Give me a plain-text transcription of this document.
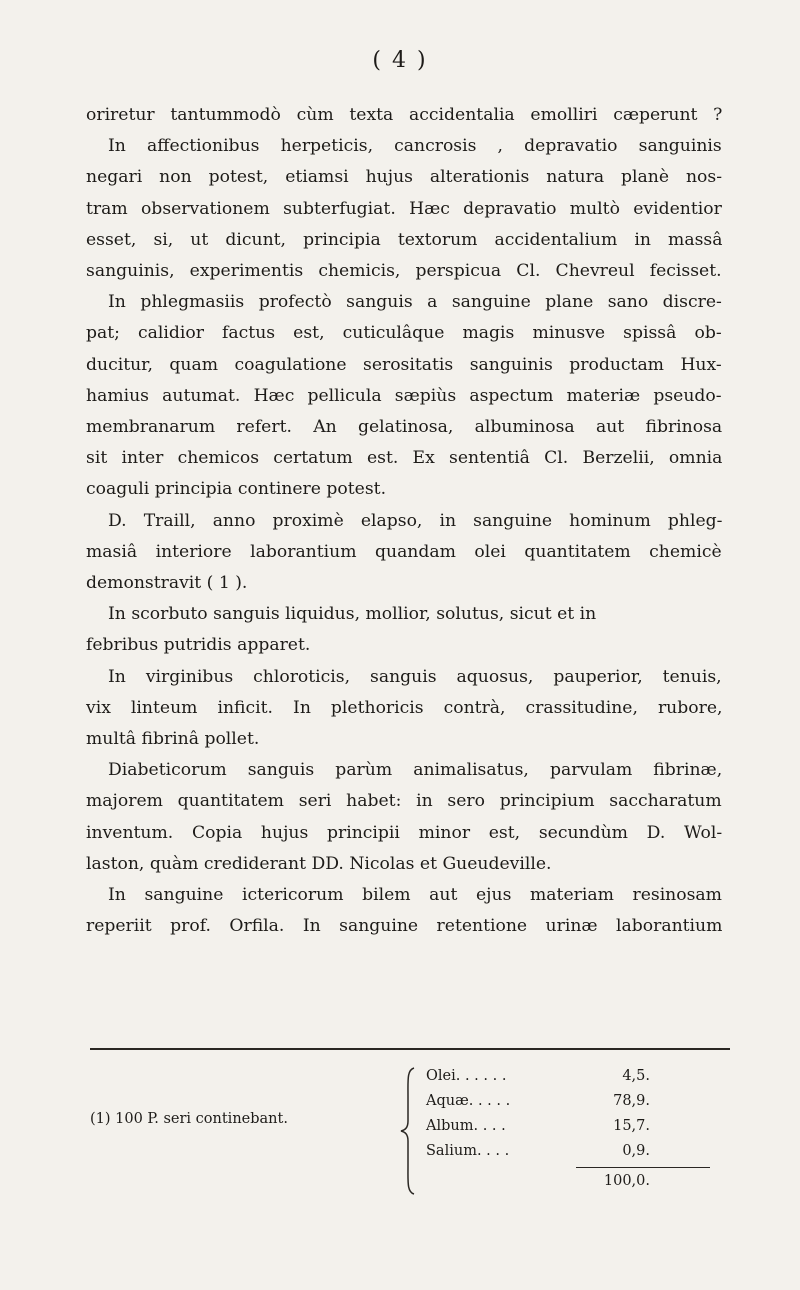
( 4 )

oriretur tantummodò cùm texta accidentalia emolliri cæperunt ?

In affectionibus herpeticis, cancrosis , depravatio sanguinis

negari non potest, etiamsi hujus alterationis natura planè nos-

tram observationem subterfugiat. Hæc depravatio multò evidentior

esset, si, ut dicunt, principia textorum accidentalium in massâ

sanguinis, experimentis chemicis, perspicua Cl. Chevreul fecisset.

In phlegmasiis profectò sanguis a sanguine plane sano discre-

pat; calidior factus est, cuticulâque magis minusve spissâ ob-

ducitur, quam coagulatione serositatis sanguinis productam Hux-

hamius autumat. Hæc pellicula sæpiùs aspectum materiæ pseudo-

membranarum refert. An gelatinosa, albuminosa aut fibrinosa

sit inter chemicos certatum est. Ex sententiâ Cl. Berzelii, omnia

coaguli principia continere potest.

D. Traill, anno proximè elapso, in sanguine hominum phleg-

masiâ interiore laborantium quandam olei quantitatem chemicè

demonstravit ( 1 ).

In scorbuto sanguis liquidus, mollior, solutus, sicut et in

febribus putridis apparet.

In virginibus chloroticis, sanguis aquosus, pauperior, tenuis,

vix linteum inficit. In plethoricis contrà, crassitudine, rubore,

multâ fibrinâ pollet.

Diabeticorum sanguis parùm animalisatus, parvulam fibrinæ,

majorem quantitatem seri habet: in sero principium saccharatum

inventum. Copia hujus principii minor est, secundùm D. Wol-

laston, quàm crediderant DD. Nicolas et Gueudeville.

In sanguine ictericorum bilem aut ejus materiam resinosam

reperiit prof. Orfila. In sanguine retentione urinæ laborantium

(1) 100 P. seri continebant.
Olei. . . . . .	4,5.
Aquæ. . . . .	78,9.
Album. . . .	15,7.
Salium. . . .	0,9.
100,0.
